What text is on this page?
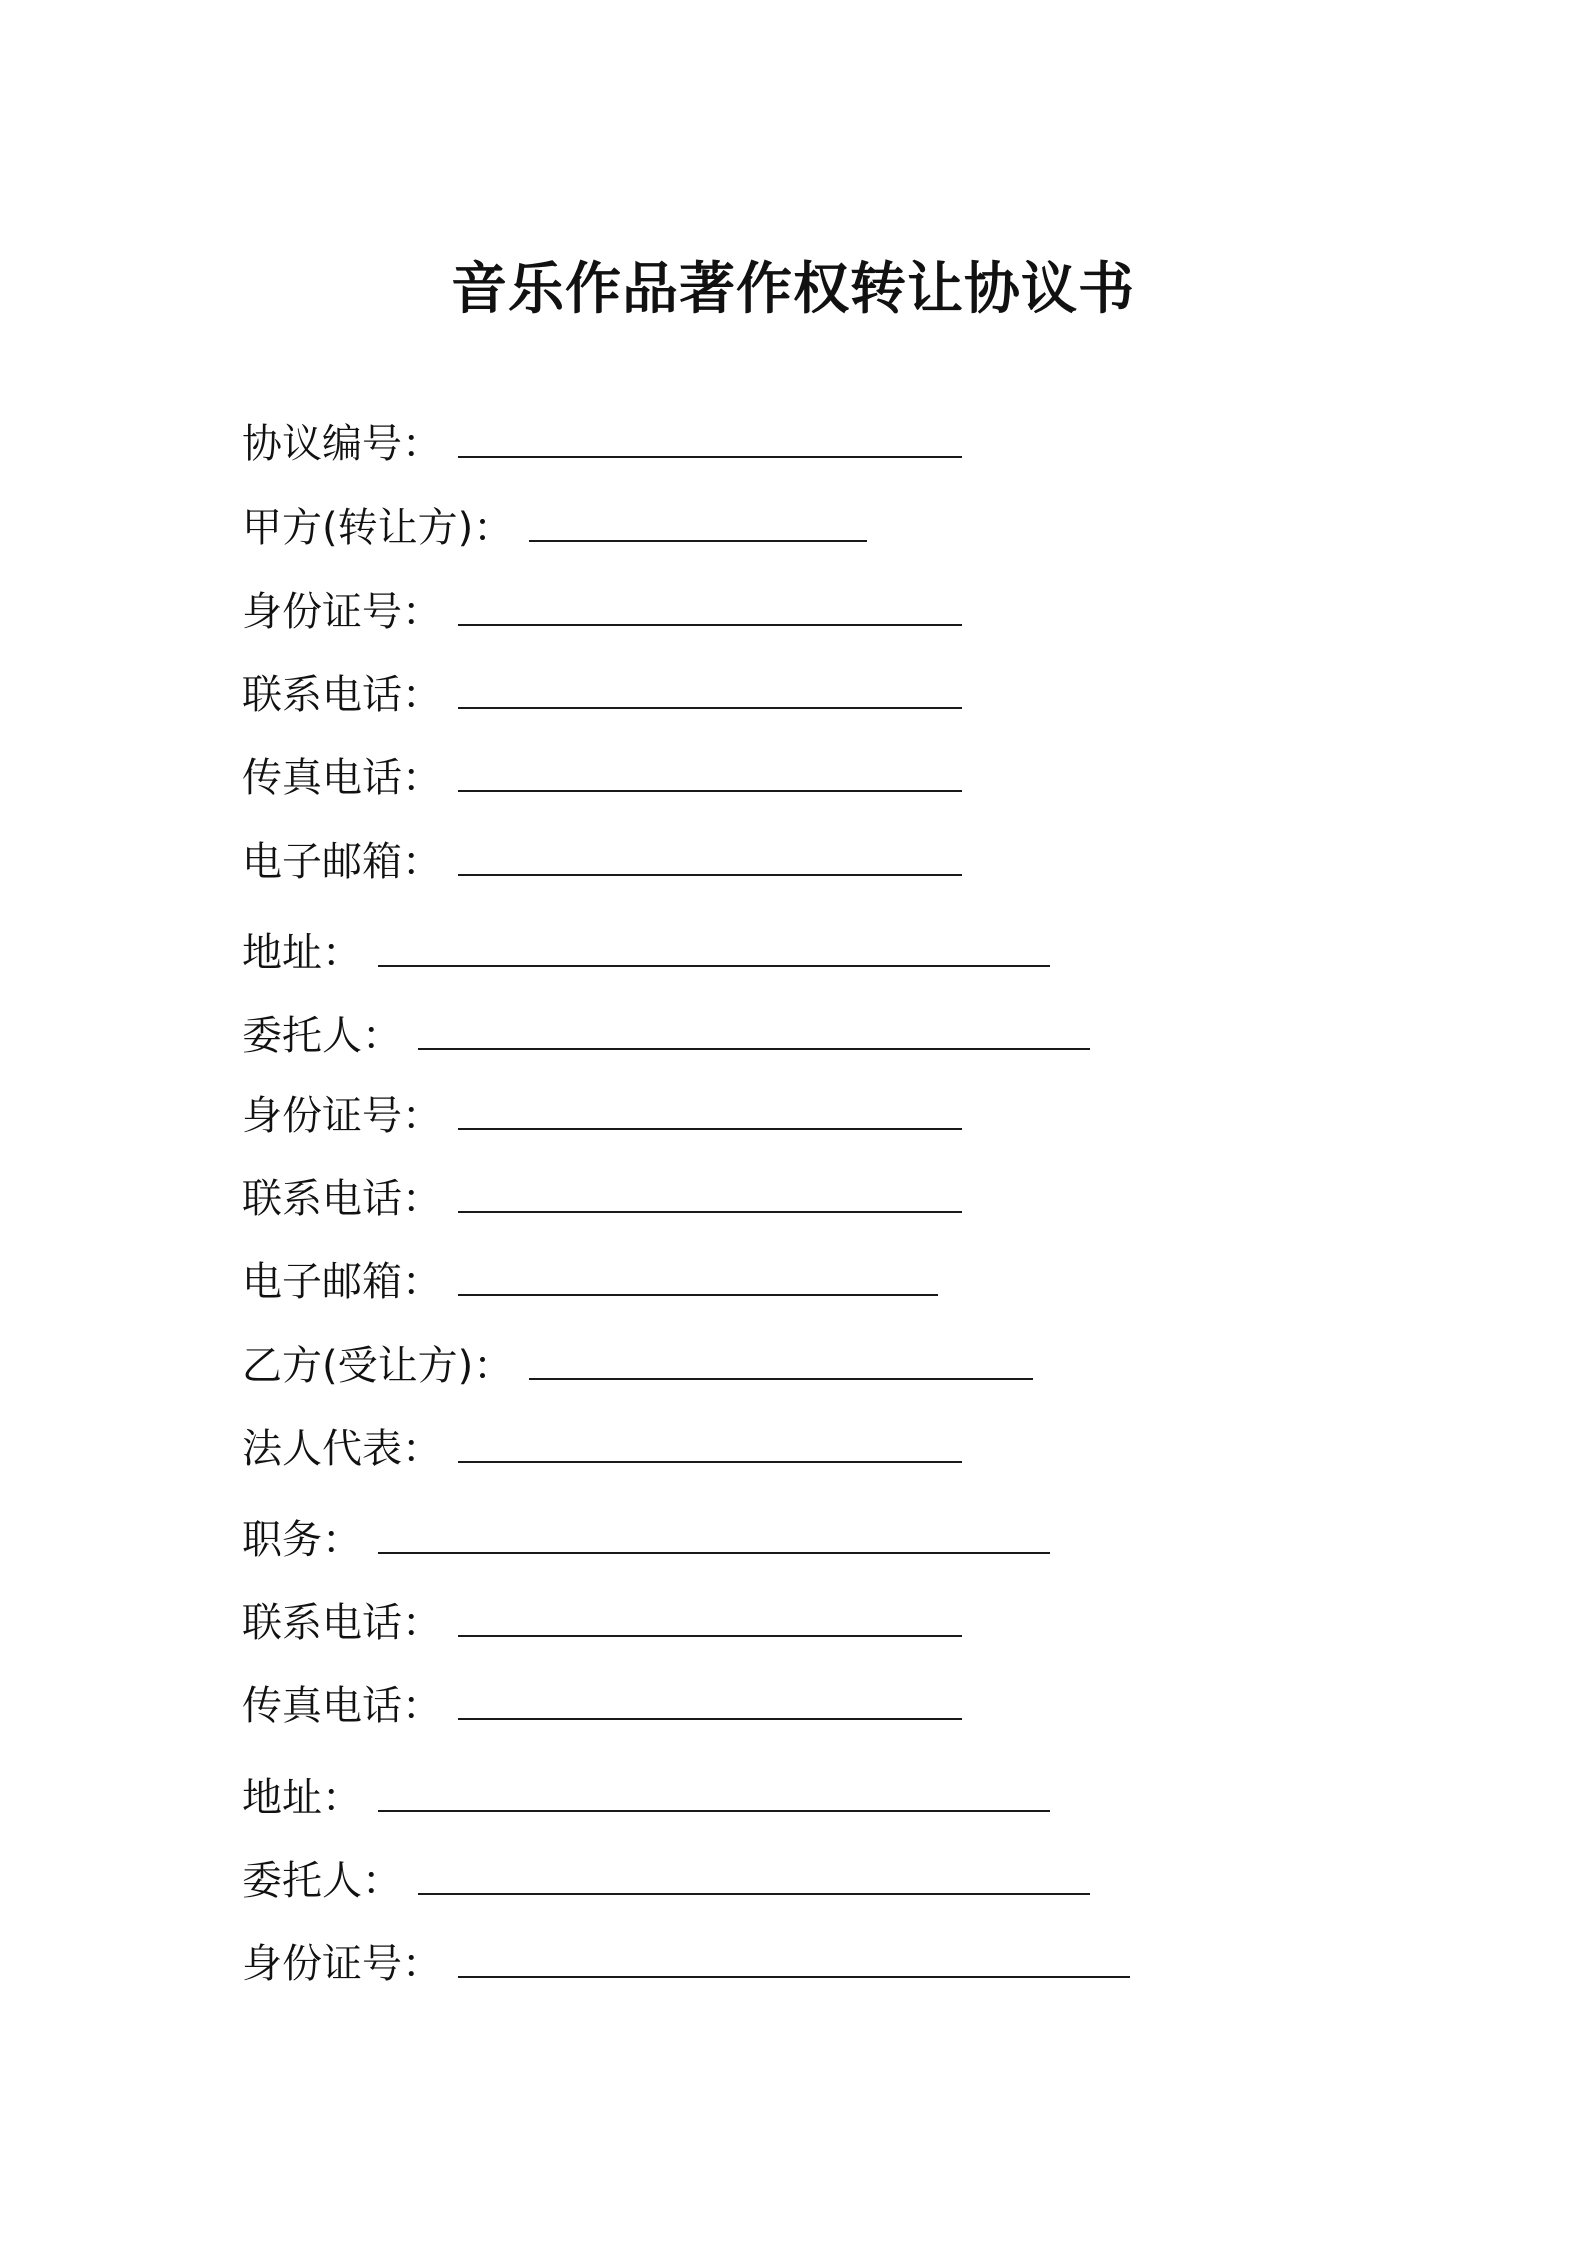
音乐作品著作权转让协议书
协议编号：
甲方(转让方)：
身份证号：
联系电话：
传真电话：
电子邮箱：
地址：
委托人：
身份证号：
联系电话：
电子邮箱：
乙方(受让方)：
法人代表：
职务：
联系电话：
传真电话：
地址：
委托人：
身份证号：
